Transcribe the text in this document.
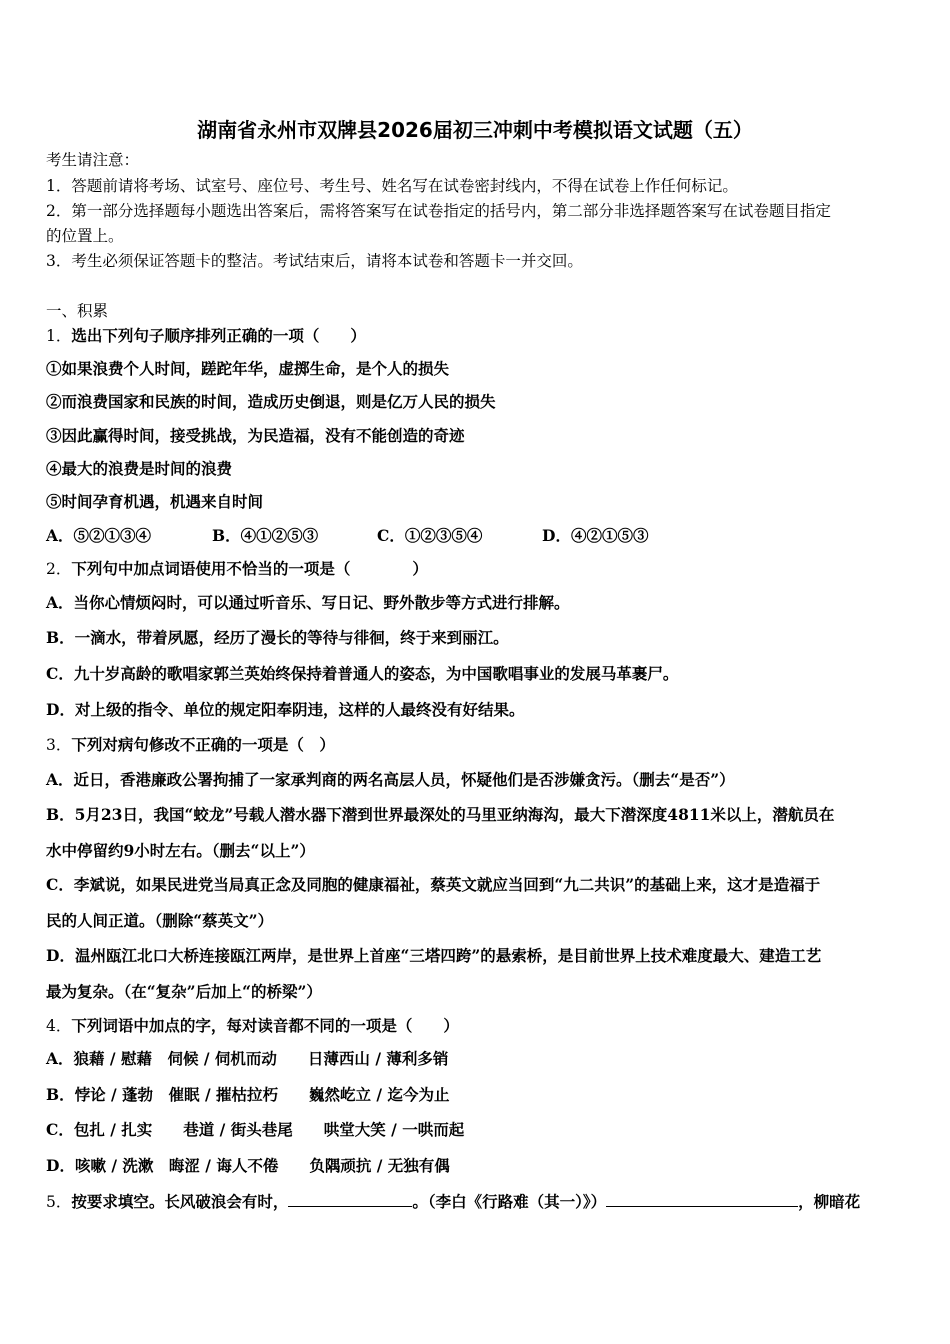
湖南省永州市双牌县2026届初三冲刺中考模拟语文试题（五）
考生请注意：
1．答题前请将考场、试室号、座位号、考生号、姓名写在试卷密封线内，不得在试卷上作任何标记。
2．第一部分选择题每小题选出答案后，需将答案写在试卷指定的括号内，第二部分非选择题答案写在试卷题目指定
的位置上。
3．考生必须保证答题卡的整洁。考试结束后，请将本试卷和答题卡一并交回。
一、积累
1．选出下列句子顺序排列正确的一项（　　）
①如果浪费个人时间，蹉跎年华，虚掷生命，是个人的损失
②而浪费国家和民族的时间，造成历史倒退，则是亿万人民的损失
③因此赢得时间，接受挑战，为民造福，没有不能创造的奇迹
④最大的浪费是时间的浪费
⑤时间孕育机遇，机遇来自时间
A．⑤②①③④	B．④①②⑤③	C．①②③⑤④	D．④②①⑤③
2．下列句中加点词语使用不恰当的一项是（　　　　）
A．当你心情烦闷时，可以通过听音乐、写日记、野外散步等方式进行排解。
B．一滴水，带着夙愿，经历了漫长的等待与徘徊，终于来到丽江。
C．九十岁高龄的歌唱家郭兰英始终保持着普通人的姿态，为中国歌唱事业的发展马革裹尸。
D．对上级的指令、单位的规定阳奉阴违，这样的人最终没有好结果。
3．下列对病句修改不正确的一项是（　）
A．近日，香港廉政公署拘捕了一家承判商的两名高层人员，怀疑他们是否涉嫌贪污。（删去“是否”）
B．5月23日，我国“蛟龙”号载人潜水器下潜到世界最深处的马里亚纳海沟，最大下潜深度4811米以上，潜航员在
水中停留约9小时左右。（删去“以上”）
C．李斌说，如果民进党当局真正念及同胞的健康福祉，蔡英文就应当回到“九二共识”的基础上来，这才是造福于
民的人间正道。（删除“蔡英文”）
D．温州瓯江北口大桥连接瓯江两岸，是世界上首座“三塔四跨”的悬索桥，是目前世界上技术难度最大、建造工艺
最为复杂。（在“复杂”后加上“的桥梁”）
4．下列词语中加点的字，每对读音都不同的一项是（　　）
A．狼藉 / 慰藉　伺候 / 伺机而动　　日薄西山 / 薄利多销
B．悖论 / 蓬勃　催眠 / 摧枯拉朽　　巍然屹立 / 迄今为止
C．包扎 / 扎实　　巷道 / 街头巷尾　　哄堂大笑 / 一哄而起
D．咳嗽 / 洗漱　晦涩 / 诲人不倦　　负隅顽抗 / 无独有偶
5．按要求填空。长风破浪会有时，	。（李白《行路难（其一）》）	，柳暗花
